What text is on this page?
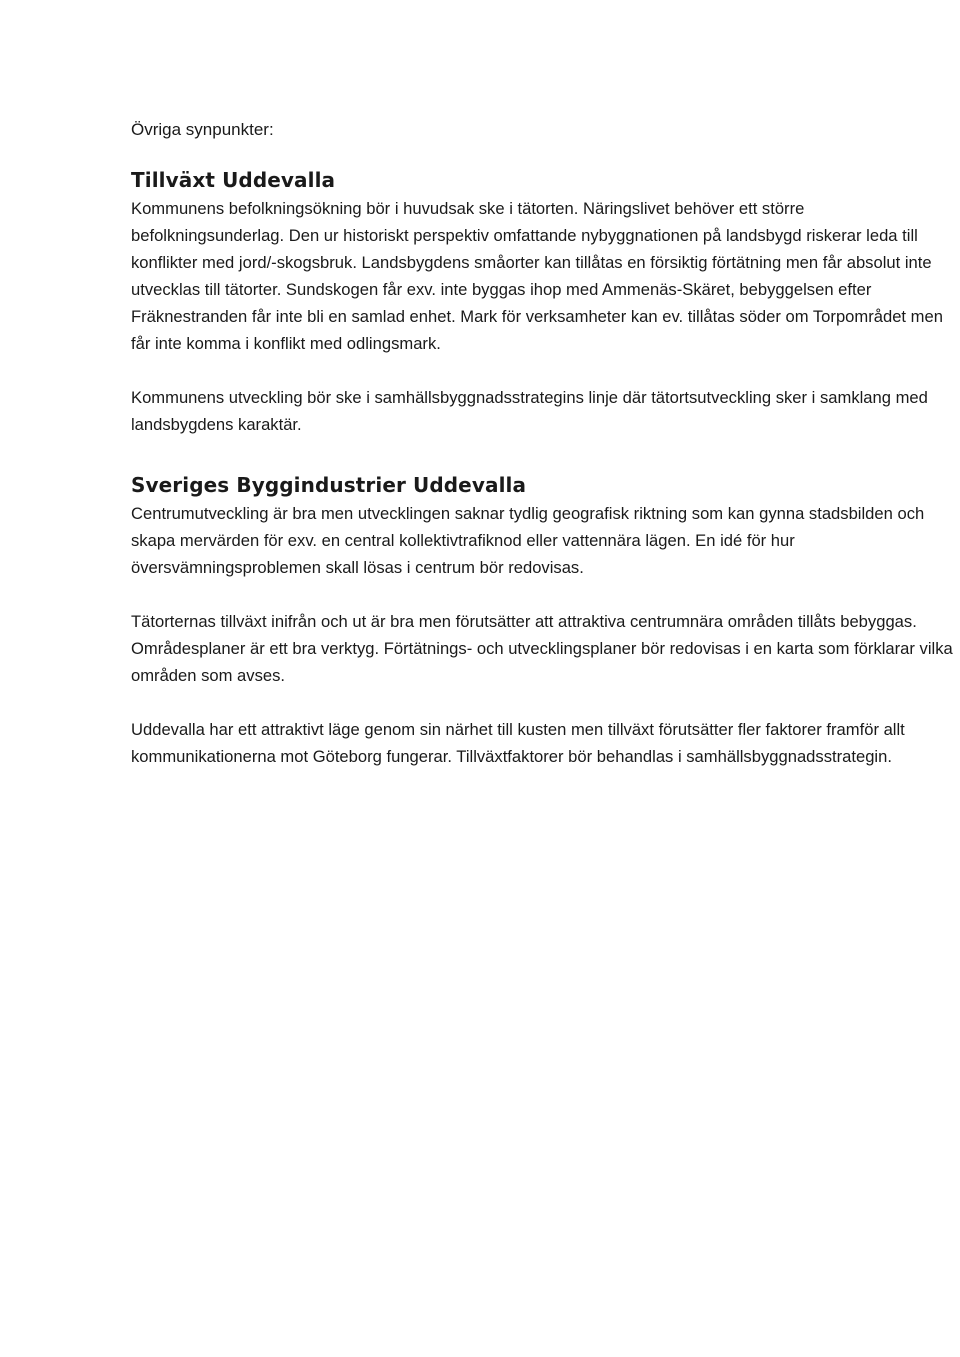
Övriga synpunkter:

Tillväxt Uddevalla

Kommunens befolkningsökning bör i huvudsak ske i tätorten. Näringslivet behöver ett större befolkningsunderlag. Den ur historiskt perspektiv omfattande nybyggnationen på landsbygd riskerar leda till konflikter med jord/-skogsbruk. Landsbygdens småorter kan tillåtas en försiktig förtätning men får absolut inte utvecklas till tätorter. Sundskogen får exv. inte byggas ihop med Ammenäs-Skäret, bebyggelsen efter Fräknestranden får inte bli en samlad enhet. Mark för verksamheter kan ev. tillåtas söder om Torpområdet men får inte komma i konflikt med odlingsmark.

Kommunens utveckling bör ske i samhällsbyggnadsstrategins linje där tätortsutveckling sker i samklang med landsbygdens karaktär.

Sveriges Byggindustrier Uddevalla

Centrumutveckling är bra men utvecklingen saknar tydlig geografisk riktning som kan gynna stadsbilden och skapa mervärden för exv. en central kollektivtrafiknod eller vattennära lägen. En idé för hur översvämningsproblemen skall lösas i centrum bör redovisas.

Tätorternas tillväxt inifrån och ut är bra men förutsätter att attraktiva centrumnära områden tillåts bebyggas. Områdesplaner är ett bra verktyg. Förtätnings- och utvecklingsplaner bör redovisas i en karta som förklarar vilka områden som avses.

Uddevalla har ett attraktivt läge genom sin närhet till kusten men tillväxt förutsätter fler faktorer framför allt kommunikationerna mot Göteborg fungerar. Tillväxtfaktorer bör behandlas i samhällsbyggnadsstrategin.
